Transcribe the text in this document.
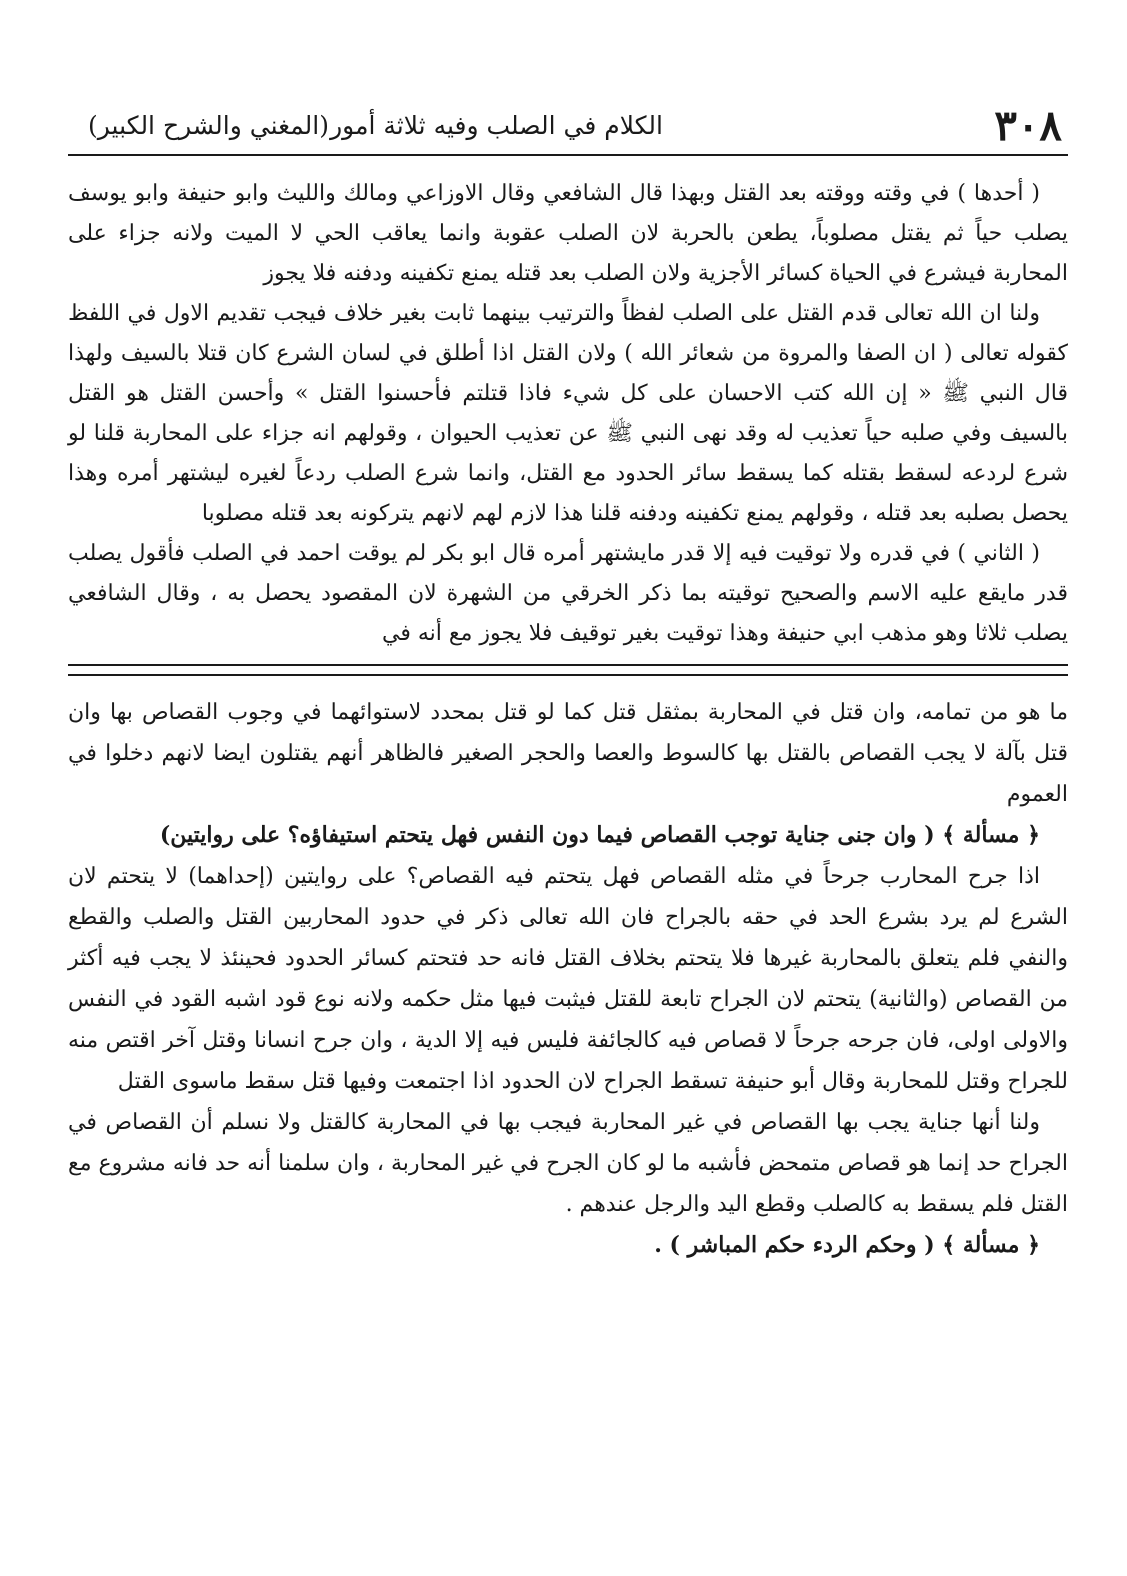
٣٠٨
الكلام في الصلب وفيه ثلاثة أمور
(المغني والشرح الكبير)

( أحدها ) في وقته ووقته بعد القتل وبهذا قال الشافعي وقال الاوزاعي ومالك والليث وابو حنيفة وابو يوسف يصلب حياً ثم يقتل مصلوباً، يطعن بالحربة لان الصلب عقوبة وانما يعاقب الحي لا الميت ولانه جزاء على المحاربة فيشرع في الحياة كسائر الأجزية ولان الصلب بعد قتله يمنع تكفينه ودفنه فلا يجوز

ولنا ان الله تعالى قدم القتل على الصلب لفظاً والترتيب بينهما ثابت بغير خلاف فيجب تقديم الاول في اللفظ كقوله تعالى ( ان الصفا والمروة من شعائر الله ) ولان القتل اذا أطلق في لسان الشرع كان قتلا بالسيف ولهذا قال النبي ﷺ « إن الله كتب الاحسان على كل شيء فاذا قتلتم فأحسنوا القتل » وأحسن القتل هو القتل بالسيف وفي صلبه حياً تعذيب له وقد نهى النبي ﷺ عن تعذيب الحيوان ، وقولهم انه جزاء على المحاربة قلنا لو شرع لردعه لسقط بقتله كما يسقط سائر الحدود مع القتل، وانما شرع الصلب ردعاً لغيره ليشتهر أمره وهذا يحصل بصلبه بعد قتله ، وقولهم يمنع تكفينه ودفنه قلنا هذا لازم لهم لانهم يتركونه بعد قتله مصلوبا

( الثاني ) في قدره ولا توقيت فيه إلا قدر مايشتهر أمره قال ابو بكر لم يوقت احمد في الصلب فأقول يصلب قدر مايقع عليه الاسم والصحيح توقيته بما ذكر الخرقي من الشهرة لان المقصود يحصل به ، وقال الشافعي يصلب ثلاثا وهو مذهب ابي حنيفة وهذا توقيت بغير توقيف فلا يجوز مع أنه في

ما هو من تمامه، وان قتل في المحاربة بمثقل قتل كما لو قتل بمحدد لاستوائهما في وجوب القصاص بها وان قتل بآلة لا يجب القصاص بالقتل بها كالسوط والعصا والحجر الصغير فالظاهر أنهم يقتلون ايضا لانهم دخلوا في العموم

﴿ مسألة ﴾ ( وان جنى جناية توجب القصاص فيما دون النفس فهل يتحتم استيفاؤه؟ على روايتين)

اذا جرح المحارب جرحاً في مثله القصاص فهل يتحتم فيه القصاص؟ على روايتين (إحداهما) لا يتحتم لان الشرع لم يرد بشرع الحد في حقه بالجراح فان الله تعالى ذكر في حدود المحاربين القتل والصلب والقطع والنفي فلم يتعلق بالمحاربة غيرها فلا يتحتم بخلاف القتل فانه حد فتحتم كسائر الحدود فحينئذ لا يجب فيه أكثر من القصاص (والثانية) يتحتم لان الجراح تابعة للقتل فيثبت فيها مثل حكمه ولانه نوع قود اشبه القود في النفس والاولى اولى، فان جرحه جرحاً لا قصاص فيه كالجائفة فليس فيه إلا الدية ، وان جرح انسانا وقتل آخر اقتص منه للجراح وقتل للمحاربة وقال أبو حنيفة تسقط الجراح لان الحدود اذا اجتمعت وفيها قتل سقط ماسوى القتل

ولنا أنها جناية يجب بها القصاص في غير المحاربة فيجب بها في المحاربة كالقتل ولا نسلم أن القصاص في الجراح حد إنما هو قصاص متمحض فأشبه ما لو كان الجرح في غير المحاربة ، وان سلمنا أنه حد فانه مشروع مع القتل فلم يسقط به كالصلب وقطع اليد والرجل عندهم .

﴿ مسألة ﴾ ( وحكم الردء حكم المباشر ) .
